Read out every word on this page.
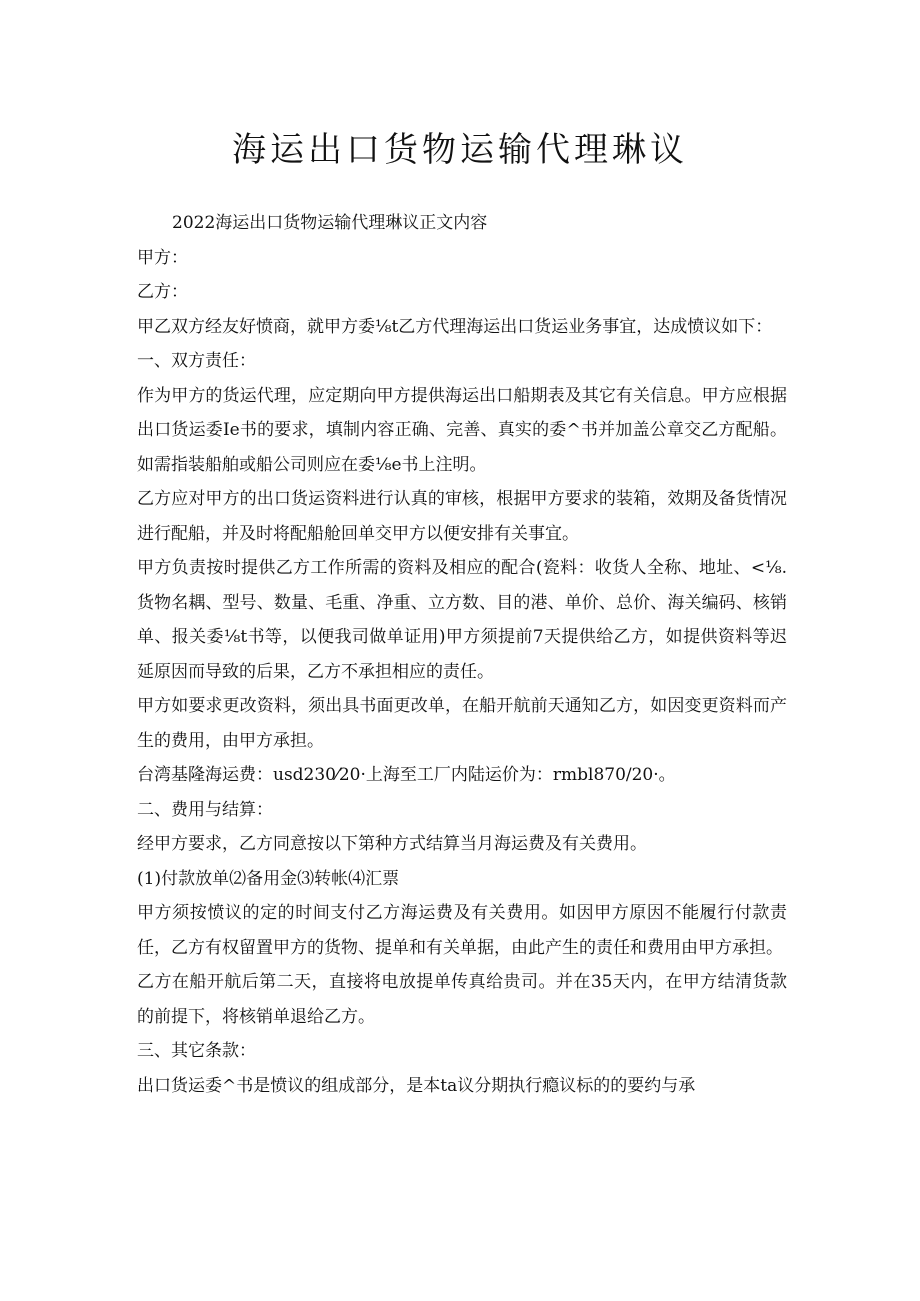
海运出口货物运输代理琳议

2022海运出口货物运输代理琳议正文内容

甲方：

乙方：

甲乙双方经友好愤商，就甲方委⅛t乙方代理海运出口货运业务事宜，达成愤议如下：

一、双方责任：

作为甲方的货运代理，应定期向甲方提供海运出口船期表及其它有关信息。甲方应根据出口货运委Ie书的要求，填制内容正确、完善、真实的委^书并加盖公章交乙方配船。如需指装船舶或船公司则应在委⅛e书上注明。

乙方应对甲方的出口货运资料进行认真的审核，根据甲方要求的装箱，效期及备货情况进行配船，并及时将配船舱回单交甲方以便安排有关事宜。

甲方负责按时提供乙方工作所需的资料及相应的配合(瓷料：收货人全称、地址、<⅛.货物名耦、型号、数量、毛重、净重、立方数、目的港、单价、总价、海关编码、核销单、报关委⅛t书等，以便我司做单证用)甲方须提前7天提供给乙方，如提供资料等迟延原因而导致的后果，乙方不承担相应的责任。

甲方如要求更改资料，须出具书面更改单，在船开航前天通知乙方，如因变更资料而产生的费用，由甲方承担。

台湾基隆海运费：usd230⁄20·上海至工厂内陆运价为：rmbl870/20·。

二、费用与结算：

经甲方要求，乙方同意按以下第种方式结算当月海运费及有关费用。

(1)付款放单⑵备用金⑶转帐⑷汇票

甲方须按愤议的定的时间支付乙方海运费及有关费用。如因甲方原因不能履行付款责任，乙方有权留置甲方的货物、提单和有关单据，由此产生的责任和费用由甲方承担。

乙方在船开航后第二天，直接将电放提单传真给贵司。并在35天内，在甲方结清货款的前提下，将核销单退给乙方。

三、其它条款：

出口货运委^书是愤议的组成部分，是本ta议分期执行瘾议标的的要约与承
